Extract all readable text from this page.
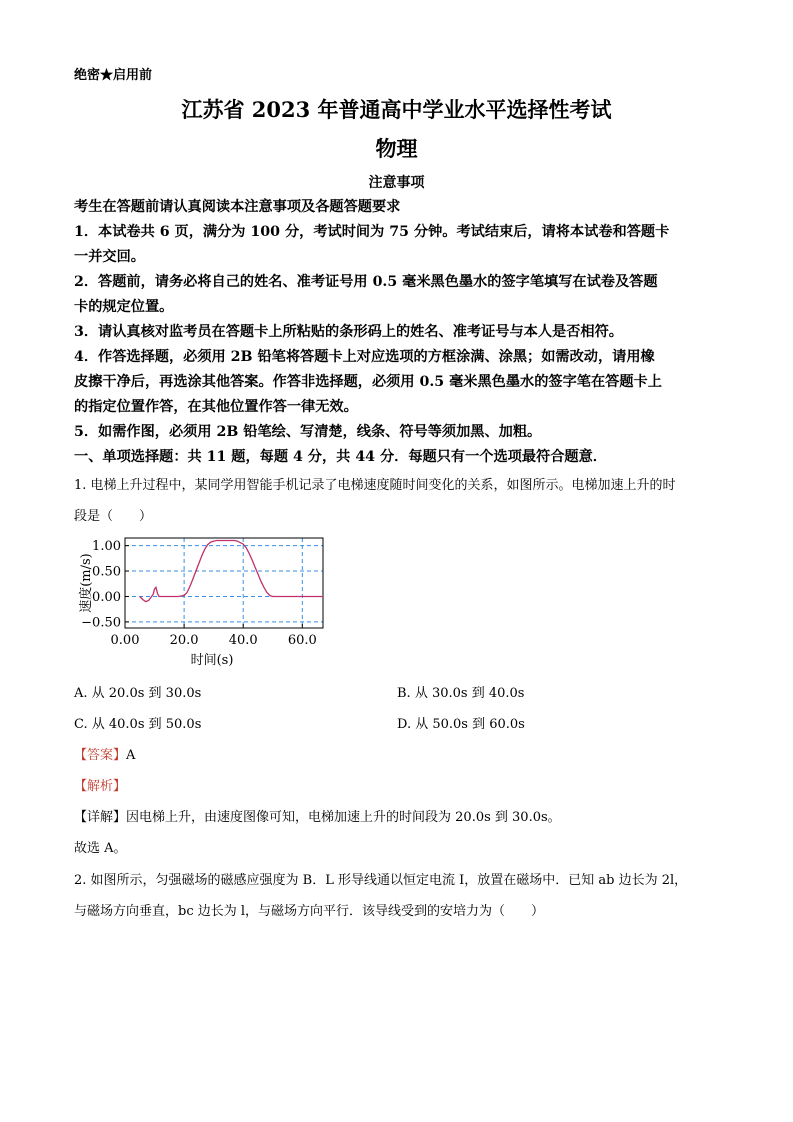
绝密★启用前
江苏省 2023 年普通高中学业水平选择性考试
物理
注意事项
考生在答题前请认真阅读本注意事项及各题答题要求
1．本试卷共 6 页，满分为 100 分，考试时间为 75 分钟。考试结束后，请将本试卷和答题卡
一并交回。
2．答题前，请务必将自己的姓名、准考证号用 0.5 毫米黑色墨水的签字笔填写在试卷及答题
卡的规定位置。
3．请认真核对监考员在答题卡上所粘贴的条形码上的姓名、准考证号与本人是否相符。
4．作答选择题，必须用 2B 铅笔将答题卡上对应选项的方框涂满、涂黑；如需改动，请用橡
皮擦干净后，再选涂其他答案。作答非选择题，必须用 0.5 毫米黑色墨水的签字笔在答题卡上
的指定位置作答，在其他位置作答一律无效。
5．如需作图，必须用 2B 铅笔绘、写清楚，线条、符号等须加黑、加粗。
一、单项选择题：共 11 题，每题 4 分，共 44 分．每题只有一个选项最符合题意．
1. 电梯上升过程中，某同学用智能手机记录了电梯速度随时间变化的关系，如图所示。电梯加速上升的时
段是（　　）
0.00 20.0 40.0 60.0
1.00
0.50
0.00
−0.50
速度(m/s)
时间(s)
A. 从 20.0s 到 30.0s	B. 从 30.0s 到 40.0s
C. 从 40.0s 到 50.0s	D. 从 50.0s 到 60.0s
【答案】A
【解析】
【详解】因电梯上升，由速度图像可知，电梯加速上升的时间段为 20.0s 到 30.0s。
故选 A。
2. 如图所示，匀强磁场的磁感应强度为 B．L 形导线通以恒定电流 I，放置在磁场中．已知 ab 边长为 2l，
与磁场方向垂直，bc 边长为 l，与磁场方向平行．该导线受到的安培力为（　　）
